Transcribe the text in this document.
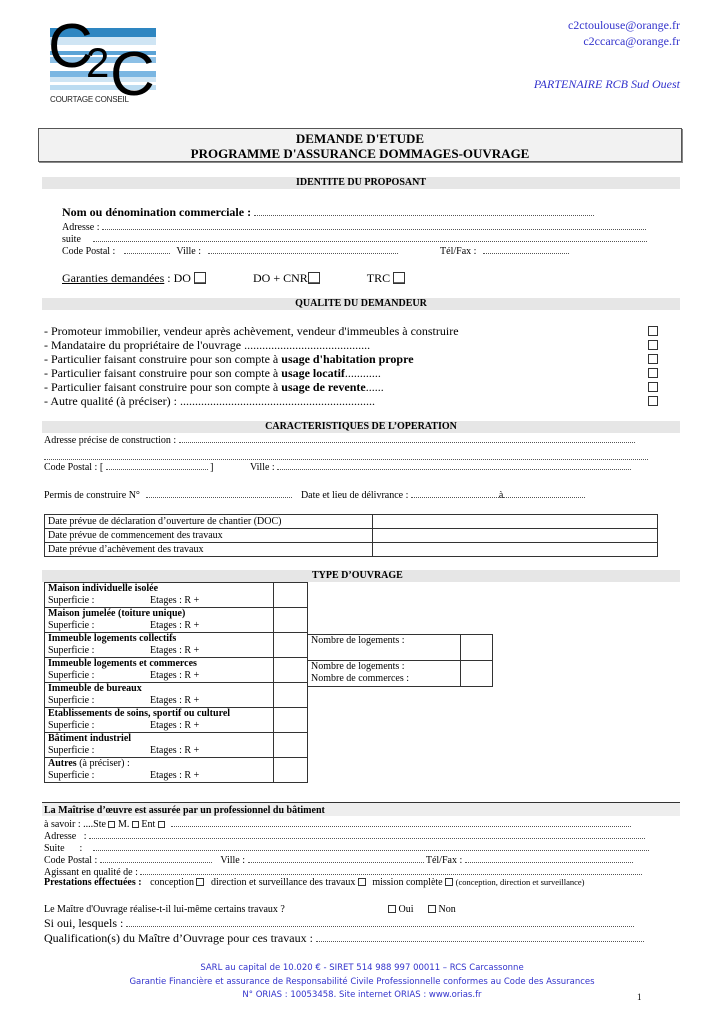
C
2 C
COURTAGE CONSEIL
c2ctoulouse@orange.fr
c2ccarca@orange.fr
PARTENAIRE RCB Sud Ouest
DEMANDE D'ETUDE
PROGRAMME D'ASSURANCE DOMMAGES-OUVRAGE
IDENTITE DU PROPOSANT
Nom ou dénomination commerciale :
Adresse :
suite
Code Postal :	Ville :	Tél/Fax :
Garanties demandées : DO	DO + CNR	TRC
QUALITE DU DEMANDEUR
- Promoteur immobilier, vendeur après achèvement, vendeur d'immeubles à construire
- Mandataire du propriétaire de l'ouvrage ..........................................
- Particulier faisant construire pour son compte à usage d'habitation propre
- Particulier faisant construire pour son compte à usage locatif............
- Particulier faisant construire pour son compte à usage de revente......
- Autre qualité (à préciser) : .................................................................
CARACTERISTIQUES DE L’OPERATION
Adresse précise de construction :
Code Postal : [	]	Ville :
Permis de construire N°	Date et lieu de délivrance :	à
Date prévue de déclaration d’ouverture de chantier (DOC)	
Date prévue de commencement des travaux	
Date prévue d’achèvement des travaux	
TYPE D’OUVRAGE
Maison individuelle isolée
Superficie : Etages : R +	

Maison jumelée (toiture unique)
Superficie : Etages : R +	

Immeuble logements collectifs
Superficie : Etages : R +	

Immeuble logements et commerces
Superficie : Etages : R +	

Immeuble de bureaux
Superficie : Etages : R +	

Etablissements de soins, sportif ou culturel
Superficie : Etages : R +	

Bâtiment industriel
Superficie : Etages : R +	

Autres (à préciser) :
Superficie : Etages : R +	

Nombre de logements :	

Nombre de logements :
Nombre de commerces :	

La Maîtrise d’œuvre est assurée par un professionnel du bâtiment
à savoir : ....Ste M. Ent
Adresse   :
Suite      :
Code Postal :	Ville :	Tél/Fax :
Agissant en qualité de :
Prestations effectuées : conception direction et surveillance des travaux mission complète (conception, direction et surveillance)
Le Maître d'Ouvrage réalise-t-il lui-même certains travaux ?	Oui	Non
Si oui, lesquels :
Qualification(s) du Maître d’Ouvrage pour ces travaux :
SARL au capital de 10.020 € - SIRET 514 988 997 00011 – RCS Carcassonne
Garantie Financière et assurance de Responsabilité Civile Professionnelle conformes au Code des Assurances
N° ORIAS : 10053458. Site internet ORIAS : www.orias.fr	1
